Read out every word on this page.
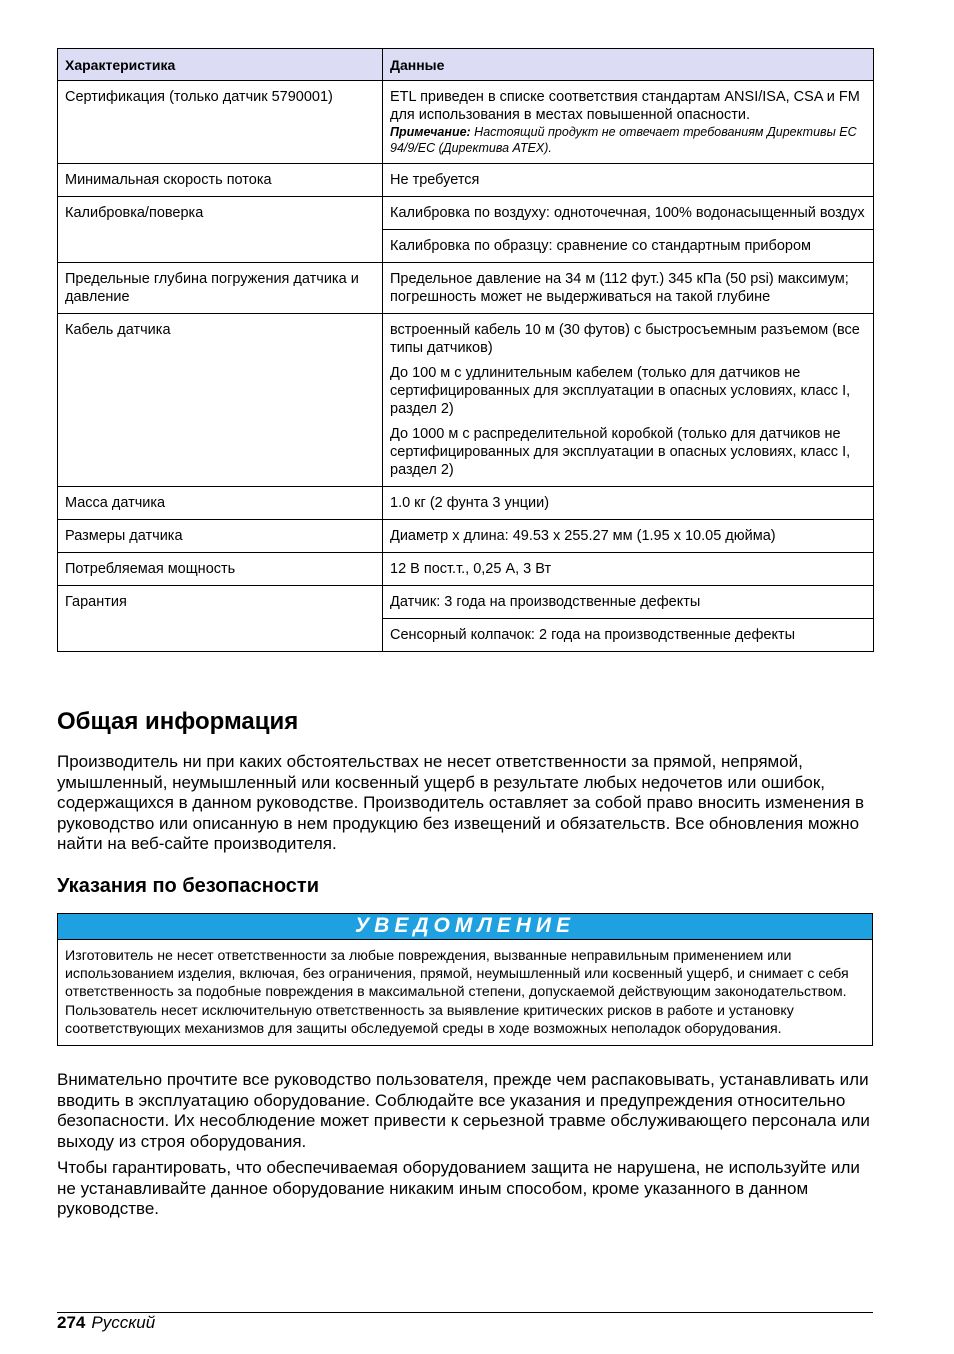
Характеристика	Данные
Сертификация (только датчик 5790001)	ETL приведен в списке соответствия стандартам ANSI/ISA, CSA и FM для использования в местах повышенной опасности.

Примечание: Настоящий продукт не отвечает требованиям Директивы EC 94/9/EC (Директива ATEX).

Минимальная скорость потока	Не требуется
Калибровка/поверка	Калибровка по воздуху: одноточечная, 100% водонасыщенный воздух
	Калибровка по образцу: сравнение со стандартным прибором
Предельные глубина погружения датчика и давление	Предельное давление на 34 м (112 фут.) 345 кПа (50 psi) максимум; погрешность может не выдерживаться на такой глубине
Кабель датчика	встроенный кабель 10 м (30 футов) с быстросъемным разъемом (все типы датчиков)

До 100 м с удлинительным кабелем (только для датчиков не сертифицированных для эксплуатации в опасных условиях, класс I, раздел 2)

До 1000 м с распределительной коробкой (только для датчиков не сертифицированных для эксплуатации в опасных условиях, класс I, раздел 2)

Масса датчика	1.0 кг (2 фунта 3 унции)
Размеры датчика	Диаметр x длина: 49.53 x 255.27 мм (1.95 x 10.05 дюйма)
Потребляемая мощность	12 В пост.т., 0,25 A, 3 Вт
Гарантия	Датчик: 3 года на производственные дефекты
	Сенсорный колпачок: 2 года на производственные дефекты
Общая информация

Производитель ни при каких обстоятельствах не несет ответственности за прямой, непрямой, умышленный, неумышленный или косвенный ущерб в результате любых недочетов или ошибок, содержащихся в данном руководстве. Производитель оставляет за собой право вносить изменения в руководство или описанную в нем продукцию без извещений и обязательств. Все обновления можно найти на веб-сайте производителя.

Указания по безопасности
УВЕДОМЛЕНИЕ

Изготовитель не несет ответственности за любые повреждения, вызванные неправильным применением или использованием изделия, включая, без ограничения, прямой, неумышленный или косвенный ущерб, и снимает с себя ответственность за подобные повреждения в максимальной степени, допускаемой действующим законодательством. Пользователь несет исключительную ответственность за выявление критических рисков в работе и установку соответствующих механизмов для защиты обследуемой среды в ходе возможных неполадок оборудования.

Внимательно прочтите все руководство пользователя, прежде чем распаковывать, устанавливать или вводить в эксплуатацию оборудование. Соблюдайте все указания и предупреждения относительно безопасности. Их несоблюдение может привести к серьезной травме обслуживающего персонала или выходу из строя оборудования.

Чтобы гарантировать, что обеспечиваемая оборудованием защита не нарушена, не используйте или не устанавливайте данное оборудование никаким иным способом, кроме указанного в данном руководстве.

274 Русский
